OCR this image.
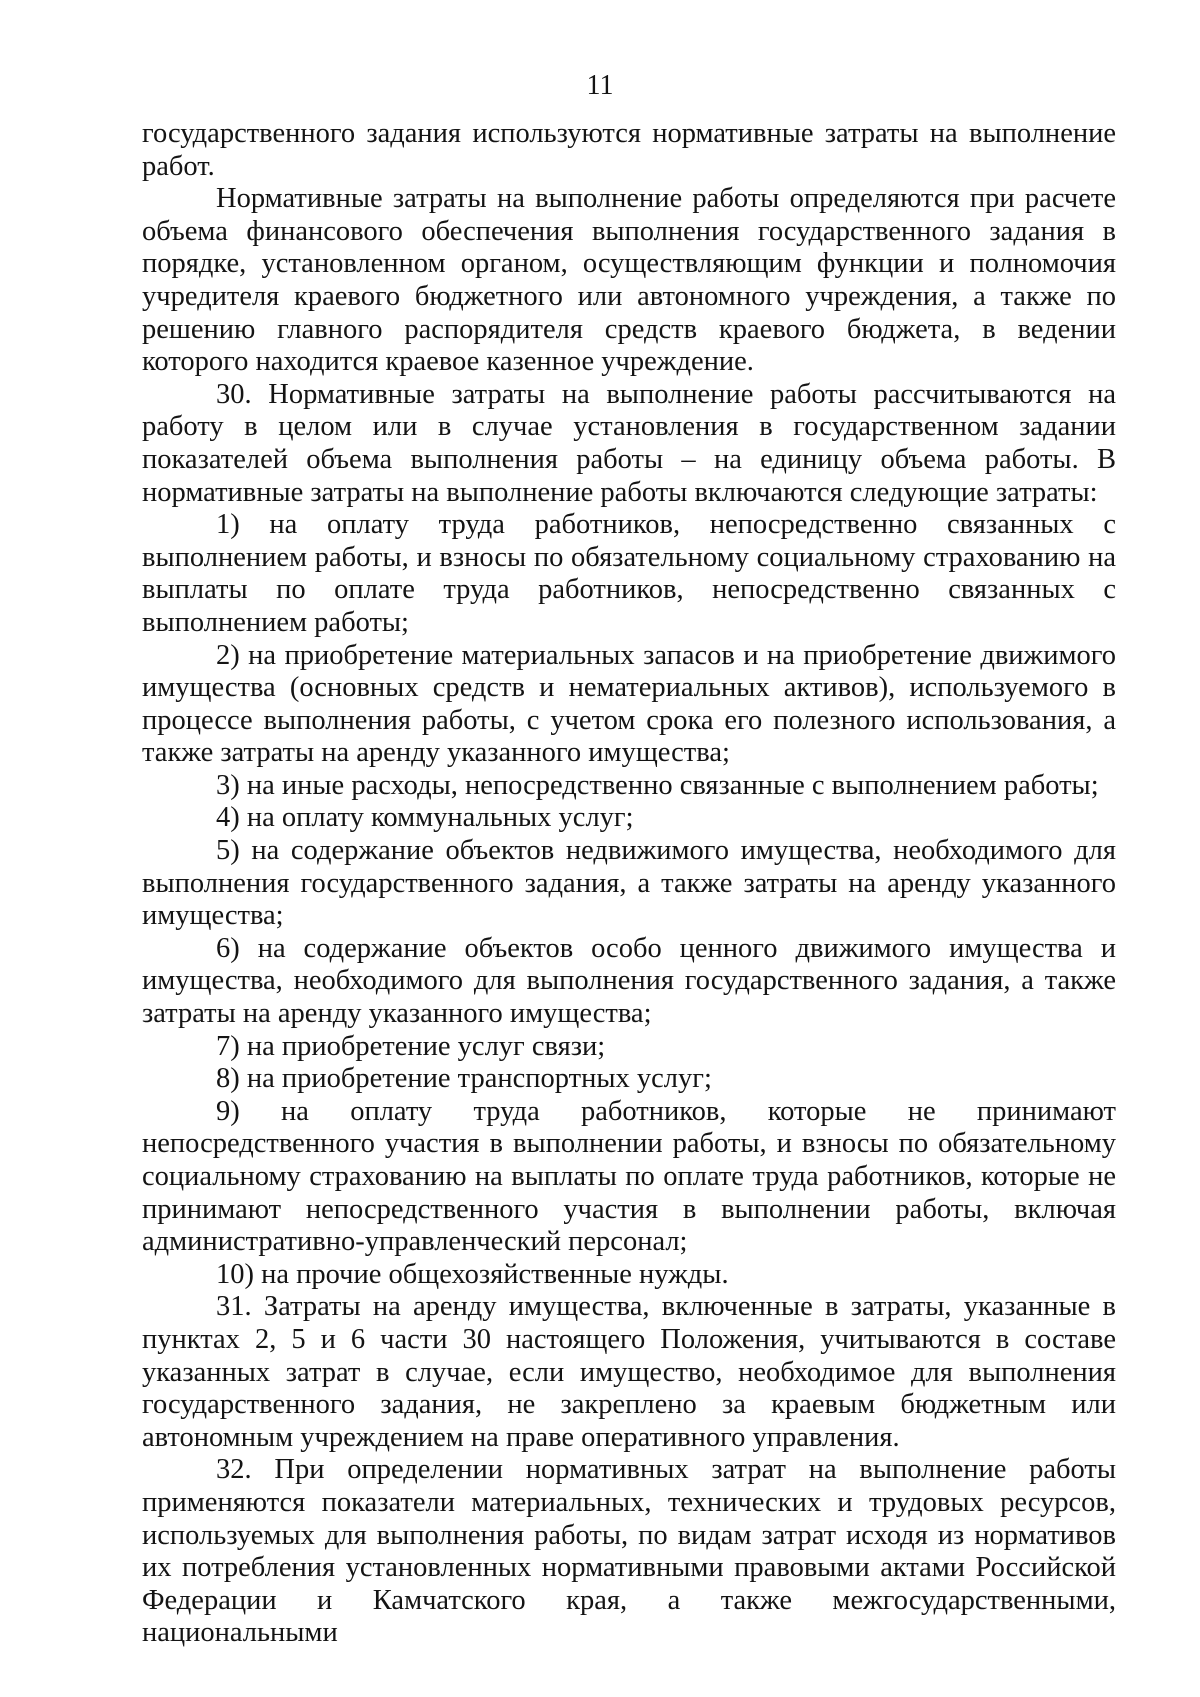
11

государственного задания используются нормативные затраты на выполнение работ.

Нормативные затраты на выполнение работы определяются при расчете объема финансового обеспечения выполнения государственного задания в порядке, установленном органом, осуществляющим функции и полномочия учредителя краевого бюджетного или автономного учреждения, а также по решению главного распорядителя средств краевого бюджета, в ведении которого находится краевое казенное учреждение.

30. Нормативные затраты на выполнение работы рассчитываются на работу в целом или в случае установления в государственном задании показателей объема выполнения работы – на единицу объема работы. В нормативные затраты на выполнение работы включаются следующие затраты:

1) на оплату труда работников, непосредственно связанных с выполнением работы, и взносы по обязательному социальному страхованию на выплаты по оплате труда работников, непосредственно связанных с выполнением работы;

2) на приобретение материальных запасов и на приобретение движимого имущества (основных средств и нематериальных активов), используемого в процессе выполнения работы, с учетом срока его полезного использования, а также затраты на аренду указанного имущества;

3) на иные расходы, непосредственно связанные с выполнением работы;

4) на оплату коммунальных услуг;

5) на содержание объектов недвижимого имущества, необходимого для выполнения государственного задания, а также затраты на аренду указанного имущества;

6) на содержание объектов особо ценного движимого имущества и имущества, необходимого для выполнения государственного задания, а также затраты на аренду указанного имущества;

7) на приобретение услуг связи;

8) на приобретение транспортных услуг;

9) на оплату труда работников, которые не принимают непосредственного участия в выполнении работы, и взносы по обязательному социальному страхованию на выплаты по оплате труда работников, которые не принимают непосредственного участия в выполнении работы, включая административно-управленческий персонал;

10) на прочие общехозяйственные нужды.

31. Затраты на аренду имущества, включенные в затраты, указанные в пунктах 2, 5 и 6 части 30 настоящего Положения, учитываются в составе указанных затрат в случае, если имущество, необходимое для выполнения государственного задания, не закреплено за краевым бюджетным или автономным учреждением на праве оперативного управления.

32. При определении нормативных затрат на выполнение работы применяются показатели материальных, технических и трудовых ресурсов, используемых для выполнения работы, по видам затрат исходя из нормативов их потребления установленных нормативными правовыми актами Российской Федерации и Камчатского края, а также межгосударственными, национальными
